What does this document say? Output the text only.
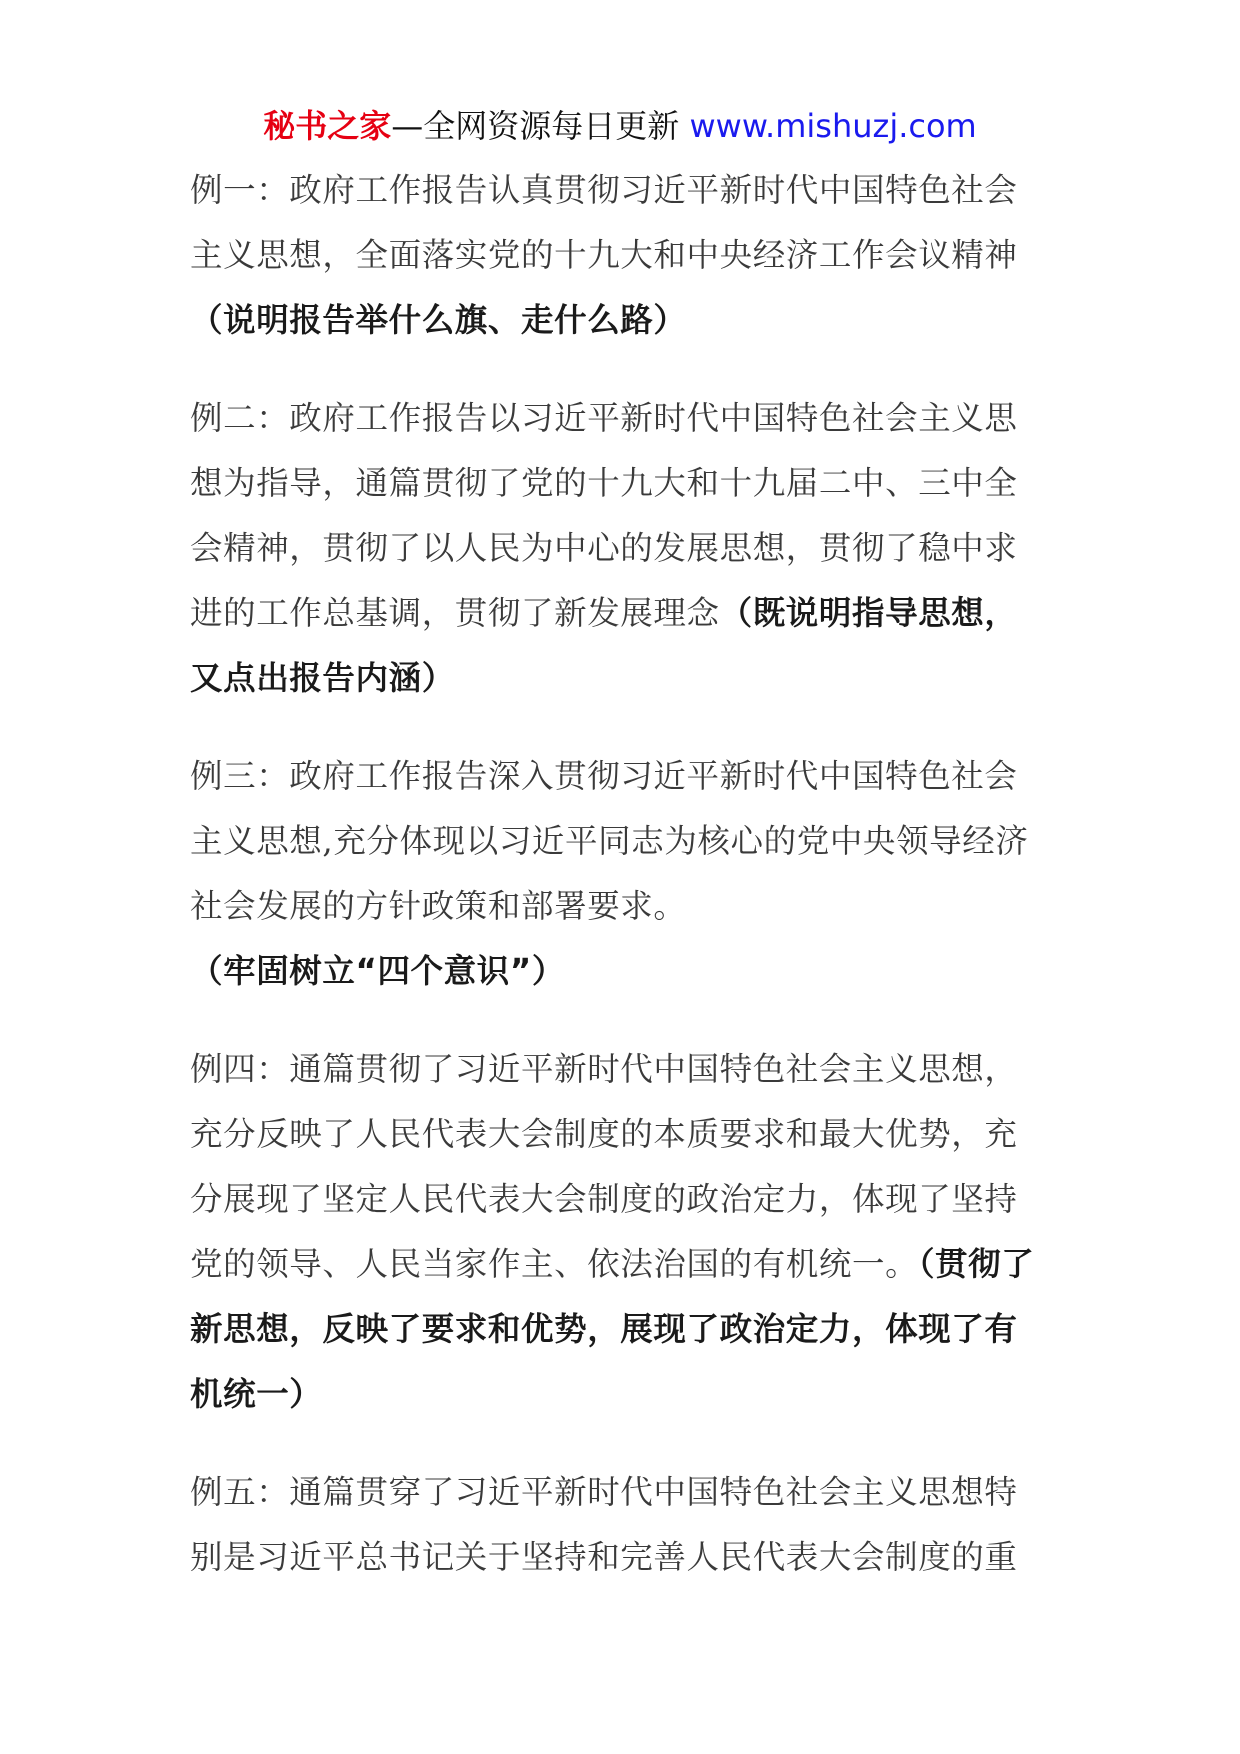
秘书之家—全网资源每日更新 www.mishuzj.com

例一：政府工作报告认真贯彻习近平新时代中国特色社会主义思想，全面落实党的十九大和中央经济工作会议精神（说明报告举什么旗、走什么路）

例二：政府工作报告以习近平新时代中国特色社会主义思想为指导，通篇贯彻了党的十九大和十九届二中、三中全会精神，贯彻了以人民为中心的发展思想，贯彻了稳中求进的工作总基调，贯彻了新发展理念（既说明指导思想，又点出报告内涵）

例三：政府工作报告深入贯彻习近平新时代中国特色社会主义思想,充分体现以习近平同志为核心的党中央领导经济社会发展的方针政策和部署要求。（牢固树立“四个意识”）

例四：通篇贯彻了习近平新时代中国特色社会主义思想，充分反映了人民代表大会制度的本质要求和最大优势，充分展现了坚定人民代表大会制度的政治定力，体现了坚持党的领导、人民当家作主、依法治国的有机统一。（贯彻了新思想，反映了要求和优势，展现了政治定力，体现了有机统一）

例五：通篇贯穿了习近平新时代中国特色社会主义思想特别是习近平总书记关于坚持和完善人民代表大会制度的重
